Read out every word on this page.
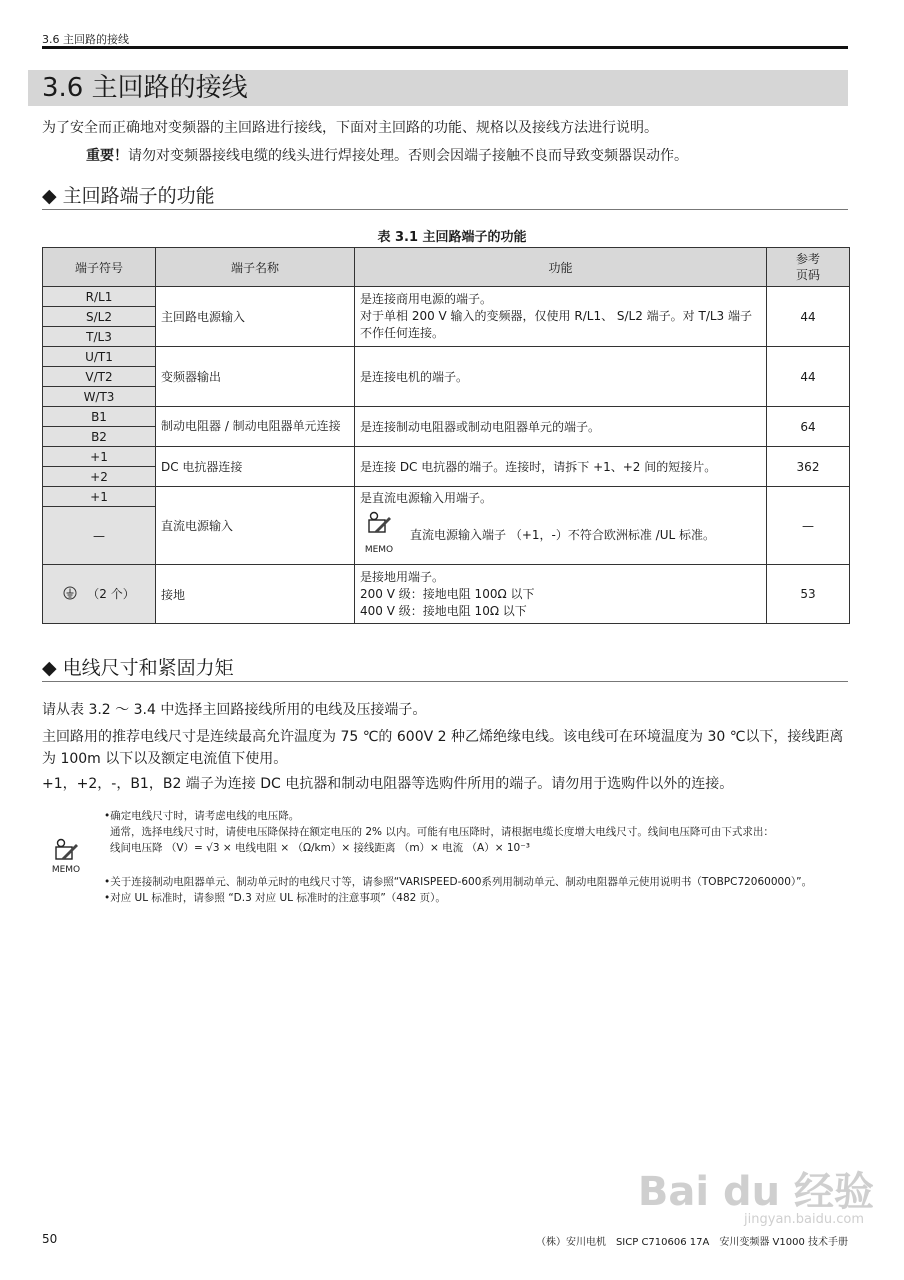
3.6 主回路的接线
3.6 主回路的接线
为了安全而正确地对变频器的主回路进行接线，下面对主回路的功能、规格以及接线方法进行说明。
重要！请勿对变频器接线电缆的线头进行焊接处理。否则会因端子接触不良而导致变频器误动作。
◆ 主回路端子的功能
表 3.1 主回路端子的功能
端子符号	端子名称	功能	参考页码
R/L1	主回路电源输入	是连接商用电源的端子。
对于单相 200 V 输入的变频器，仅使用 R/L1、 S/L2 端子。对 T/L3 端子不作任何连接。	44
S/L2			
T/L3			
U/T1	变频器输出	是连接电机的端子。	44
V/T2			
W/T3			
B1	制动电阻器 / 制动电阻器单元连接	是连接制动电阻器或制动电阻器单元的端子。	64
B2			
+1	DC 电抗器连接	是连接 DC 电抗器的端子。连接时，请拆下 +1、+2 间的短接片。	362
+2			
+1	直流电源输入	是直流电源输入用端子。
MEMO
直流电源输入端子 （+1，-）不符合欧洲标准 /UL 标准。	—
—			
（2 个）	接地	是接地用端子。
200 V 级：接地电阻 100Ω 以下
400 V 级：接地电阻 10Ω 以下	53
◆ 电线尺寸和紧固力矩
请从表 3.2 ～ 3.4 中选择主回路接线所用的电线及压接端子。
主回路用的推荐电线尺寸是连续最高允许温度为 75 ℃的 600V 2 种乙烯绝缘电线。该电线可在环境温度为 30 ℃以下，接线距离为 100m 以下以及额定电流值下使用。
+1，+2，-，B1，B2 端子为连接 DC 电抗器和制动电阻器等选购件所用的端子。请勿用于选购件以外的连接。
MEMO
•确定电线尺寸时，请考虑电线的电压降。
通常，选择电线尺寸时，请使电压降保持在额定电压的 2% 以内。可能有电压降时，请根据电缆长度增大电线尺寸。线间电压降可由下式求出：
线间电压降 （V）= √3 × 电线电阻 × （Ω/km）× 接线距离 （m）× 电流 （A）× 10⁻³
•关于连接制动电阻器单元、制动单元时的电线尺寸等，请参照“VARISPEED-600系列用制动单元、制动电阻器单元使用说明书（TOBPC72060000）”。
•对应 UL 标准时，请参照 “D.3 对应 UL 标准时的注意事项”（482 页）。
Bai du 经验
jingyan.baidu.com
50	（株）安川电机　SICP C710606 17A　安川变频器 V1000 技术手册
